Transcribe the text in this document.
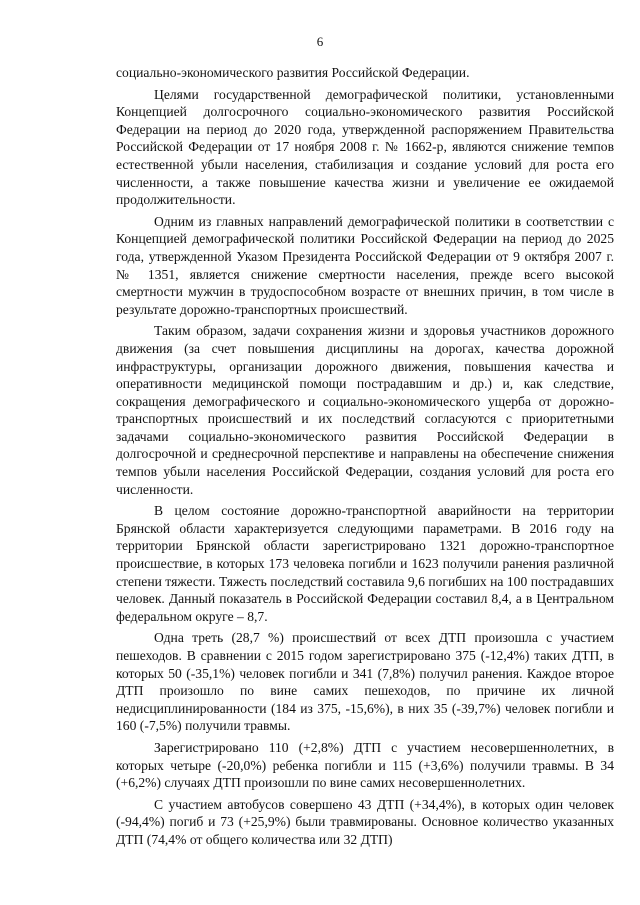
6

социально-экономического развития Российской Федерации.

Целями государственной демографической политики, установленными Концепцией долгосрочного социально-экономического развития Российской Федерации на период до 2020 года, утвержденной распоряжением Правительства Российской Федерации от 17 ноября 2008 г. № 1662-р, являются снижение темпов естественной убыли населения, стабилизация и создание условий для роста его численности, а также повышение качества жизни и увеличение ее ожидаемой продолжительности.

Одним из главных направлений демографической политики в соответствии с Концепцией демографической политики Российской Федерации на период до 2025 года, утвержденной Указом Президента Российской Федерации от 9 октября 2007 г. № 1351, является снижение смертности населения, прежде всего высокой смертности мужчин в трудоспособном возрасте от внешних причин, в том числе в результате дорожно-транспортных происшествий.

Таким образом, задачи сохранения жизни и здоровья участников дорожного движения (за счет повышения дисциплины на дорогах, качества дорожной инфраструктуры, организации дорожного движения, повышения качества и оперативности медицинской помощи пострадавшим и др.) и, как следствие, сокращения демографического и социально-экономического ущерба от дорожно-транспортных происшествий и их последствий согласуются с приоритетными задачами социально-экономического развития Российской Федерации в долгосрочной и среднесрочной перспективе и направлены на обеспечение снижения темпов убыли населения Российской Федерации, создания условий для роста его численности.

В целом состояние дорожно-транспортной аварийности на территории Брянской области характеризуется следующими параметрами. В 2016 году на территории Брянской области зарегистрировано 1321 дорожно-транспортное происшествие, в которых 173 человека погибли и 1623 получили ранения различной степени тяжести. Тяжесть последствий составила 9,6 погибших на 100 пострадавших человек. Данный показатель в Российской Федерации составил 8,4, а в Центральном федеральном округе – 8,7.

Одна треть (28,7 %) происшествий от всех ДТП произошла с участием пешеходов. В сравнении с 2015 годом зарегистрировано 375 (-12,4%) таких ДТП, в которых 50 (-35,1%) человек погибли и 341 (7,8%) получил ранения. Каждое второе ДТП произошло по вине самих пешеходов, по причине их личной недисциплинированности (184 из 375, -15,6%), в них 35 (-39,7%) человек погибли и 160 (-7,5%) получили травмы.

Зарегистрировано 110 (+2,8%) ДТП с участием несовершеннолетних, в которых четыре (-20,0%) ребенка погибли и 115 (+3,6%) получили травмы. В 34 (+6,2%) случаях ДТП произошли по вине самих несовершеннолетних.

С участием автобусов совершено 43 ДТП (+34,4%), в которых один человек (-94,4%) погиб и 73 (+25,9%) были травмированы. Основное количество указанных ДТП (74,4% от общего количества или 32 ДТП)
